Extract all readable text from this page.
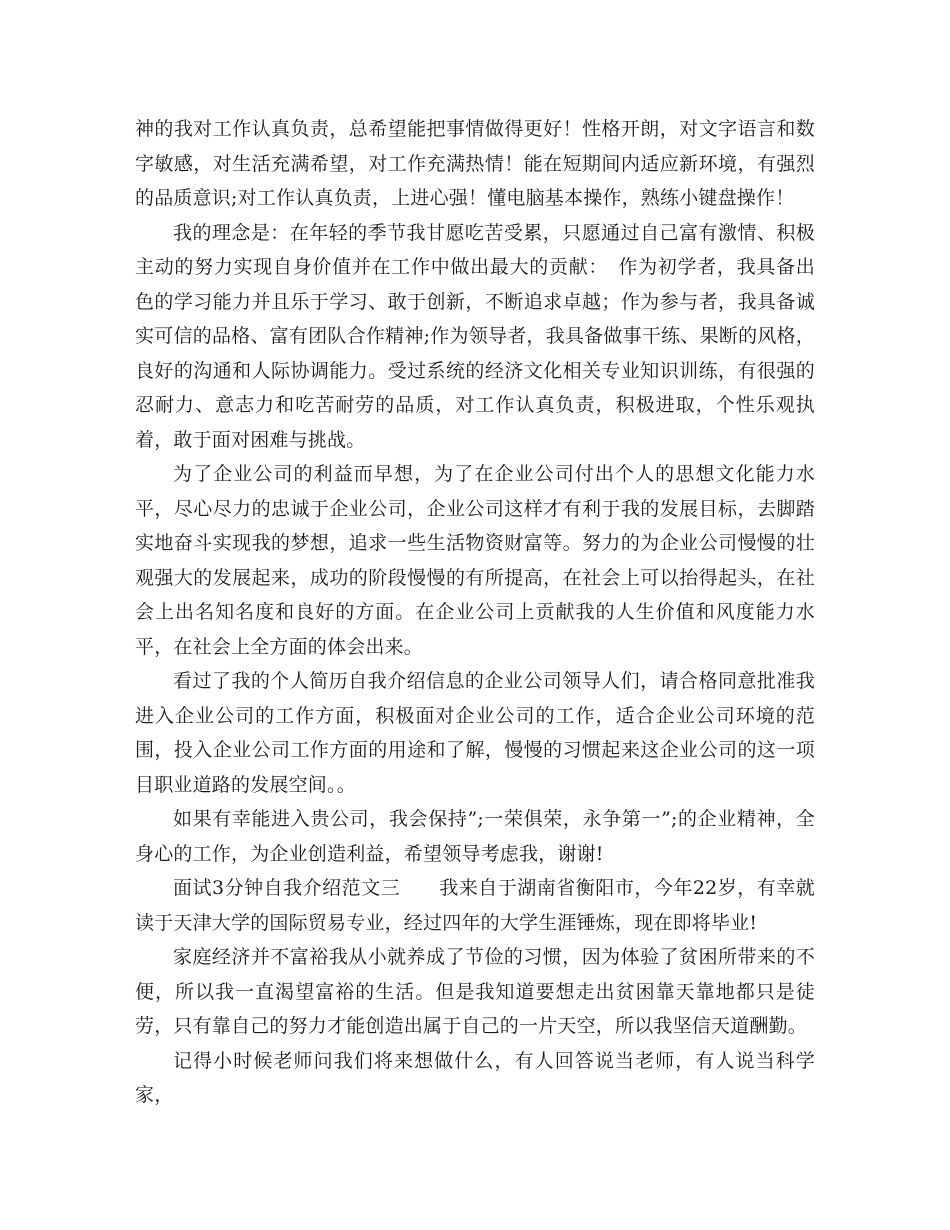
神的我对工作认真负责，总希望能把事情做得更好！性格开朗，对文字语言和数字敏感，对生活充满希望，对工作充满热情！能在短期间内适应新环境，有强烈的品质意识;对工作认真负责，上进心强！懂电脑基本操作，熟练小键盘操作！

我的理念是：在年轻的季节我甘愿吃苦受累，只愿通过自己富有激情、积极主动的努力实现自身价值并在工作中做出最大的贡献：　作为初学者，我具备出色的学习能力并且乐于学习、敢于创新，不断追求卓越；作为参与者，我具备诚实可信的品格、富有团队合作精神;作为领导者，我具备做事干练、果断的风格，良好的沟通和人际协调能力。受过系统的经济文化相关专业知识训练，有很强的忍耐力、意志力和吃苦耐劳的品质，对工作认真负责，积极进取，个性乐观执着，敢于面对困难与挑战。

为了企业公司的利益而早想，为了在企业公司付出个人的思想文化能力水平，尽心尽力的忠诚于企业公司，企业公司这样才有利于我的发展目标，去脚踏实地奋斗实现我的梦想，追求一些生活物资财富等。努力的为企业公司慢慢的壮观强大的发展起来，成功的阶段慢慢的有所提高，在社会上可以抬得起头，在社会上出名知名度和良好的方面。在企业公司上贡献我的人生价值和风度能力水平，在社会上全方面的体会出来。

看过了我的个人简历自我介绍信息的企业公司领导人们，请合格同意批准我进入企业公司的工作方面，积极面对企业公司的工作，适合企业公司环境的范围，投入企业公司工作方面的用途和了解，慢慢的习惯起来这企业公司的这一项目职业道路的发展空间。。

如果有幸能进入贵公司，我会保持”;一荣俱荣，永争第一”;的企业精神，全身心的工作，为企业创造利益，希望领导考虑我，谢谢!

面试3分钟自我介绍范文三　　我来自于湖南省衡阳市，今年22岁，有幸就读于天津大学的国际贸易专业，经过四年的大学生涯锤炼，现在即将毕业!

家庭经济并不富裕我从小就养成了节俭的习惯，因为体验了贫困所带来的不便，所以我一直渴望富裕的生活。但是我知道要想走出贫困靠天靠地都只是徒劳，只有靠自己的努力才能创造出属于自己的一片天空，所以我坚信天道酬勤。

记得小时候老师问我们将来想做什么，有人回答说当老师，有人说当科学家，
